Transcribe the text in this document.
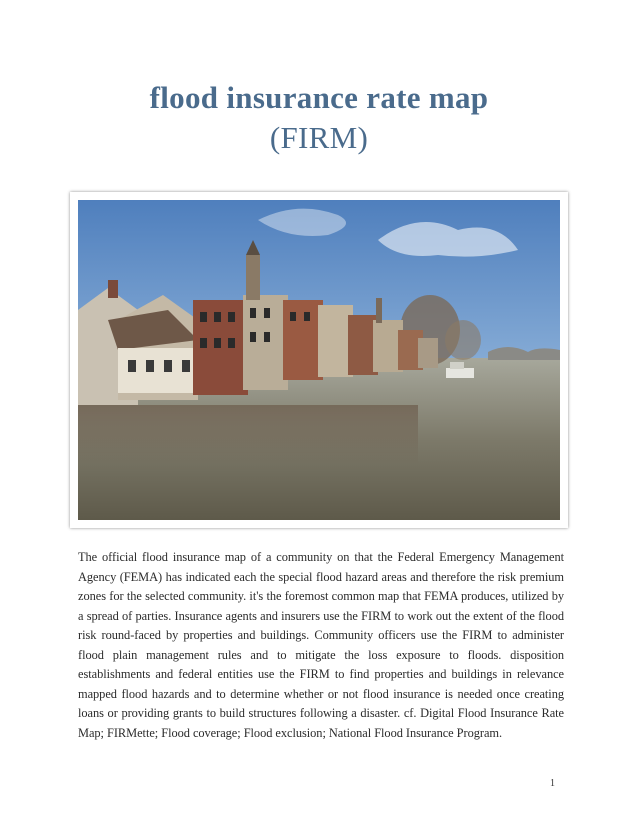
flood insurance rate map
(FIRM)
The official flood insurance map of a community on that the Federal Emergency Management Agency (FEMA) has indicated each the special flood hazard areas and therefore the risk premium zones for the selected community. it's the foremost common map that FEMA produces, utilized by a spread of parties. Insurance agents and insurers use the FIRM to work out the extent of the flood risk round-faced by properties and buildings. Community officers use the FIRM to administer flood plain management rules and to mitigate the loss exposure to floods. disposition establishments and federal entities use the FIRM to find properties and buildings in relevance mapped flood hazards and to determine whether or not flood insurance is needed once creating loans or providing grants to build structures following a disaster. cf. Digital Flood Insurance Rate Map; FIRMette; Flood coverage; Flood exclusion; National Flood Insurance Program.
1
